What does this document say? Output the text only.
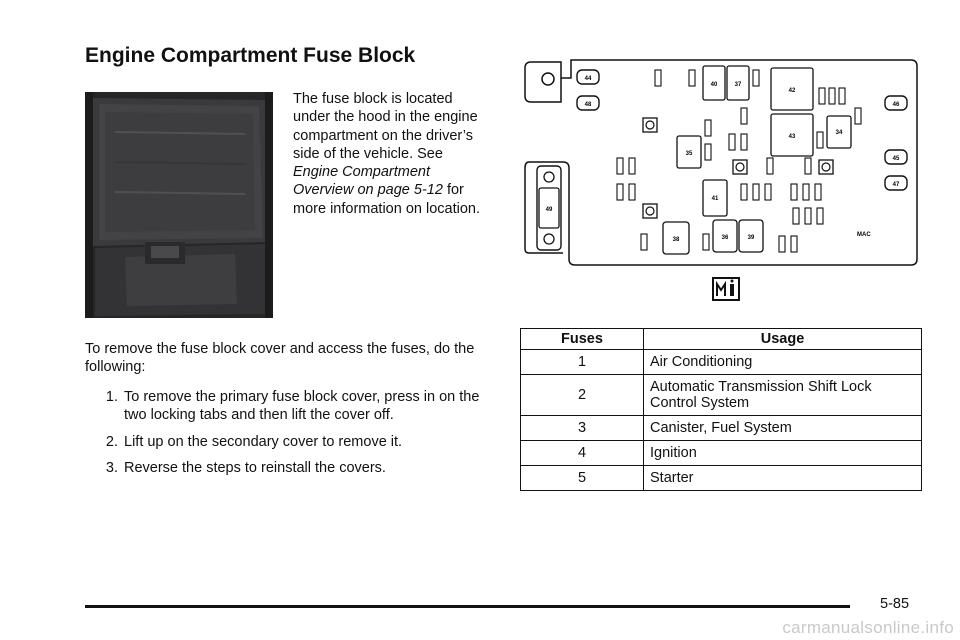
Engine Compartment Fuse Block
The fuse block is located under the hood in the engine compartment on the driver’s side of the vehicle. See Engine Compartment Overview on page 5-12 for more information on location.
To remove the fuse block cover and access the fuses, do the following:
1. To remove the primary fuse block cover, press in on the two locking tabs and then lift the cover off.
2. Lift up on the secondary cover to remove it.
3. Reverse the steps to reinstall the covers.
49
44
48
40	37
42
43
34
35
41
38	36	39
46
45
47
MAC
Fuses	Usage
1	Air Conditioning
2	Automatic Transmission Shift Lock Control System
3	Canister, Fuel System
4	Ignition
5	Starter
5-85
carmanualsonline.info
